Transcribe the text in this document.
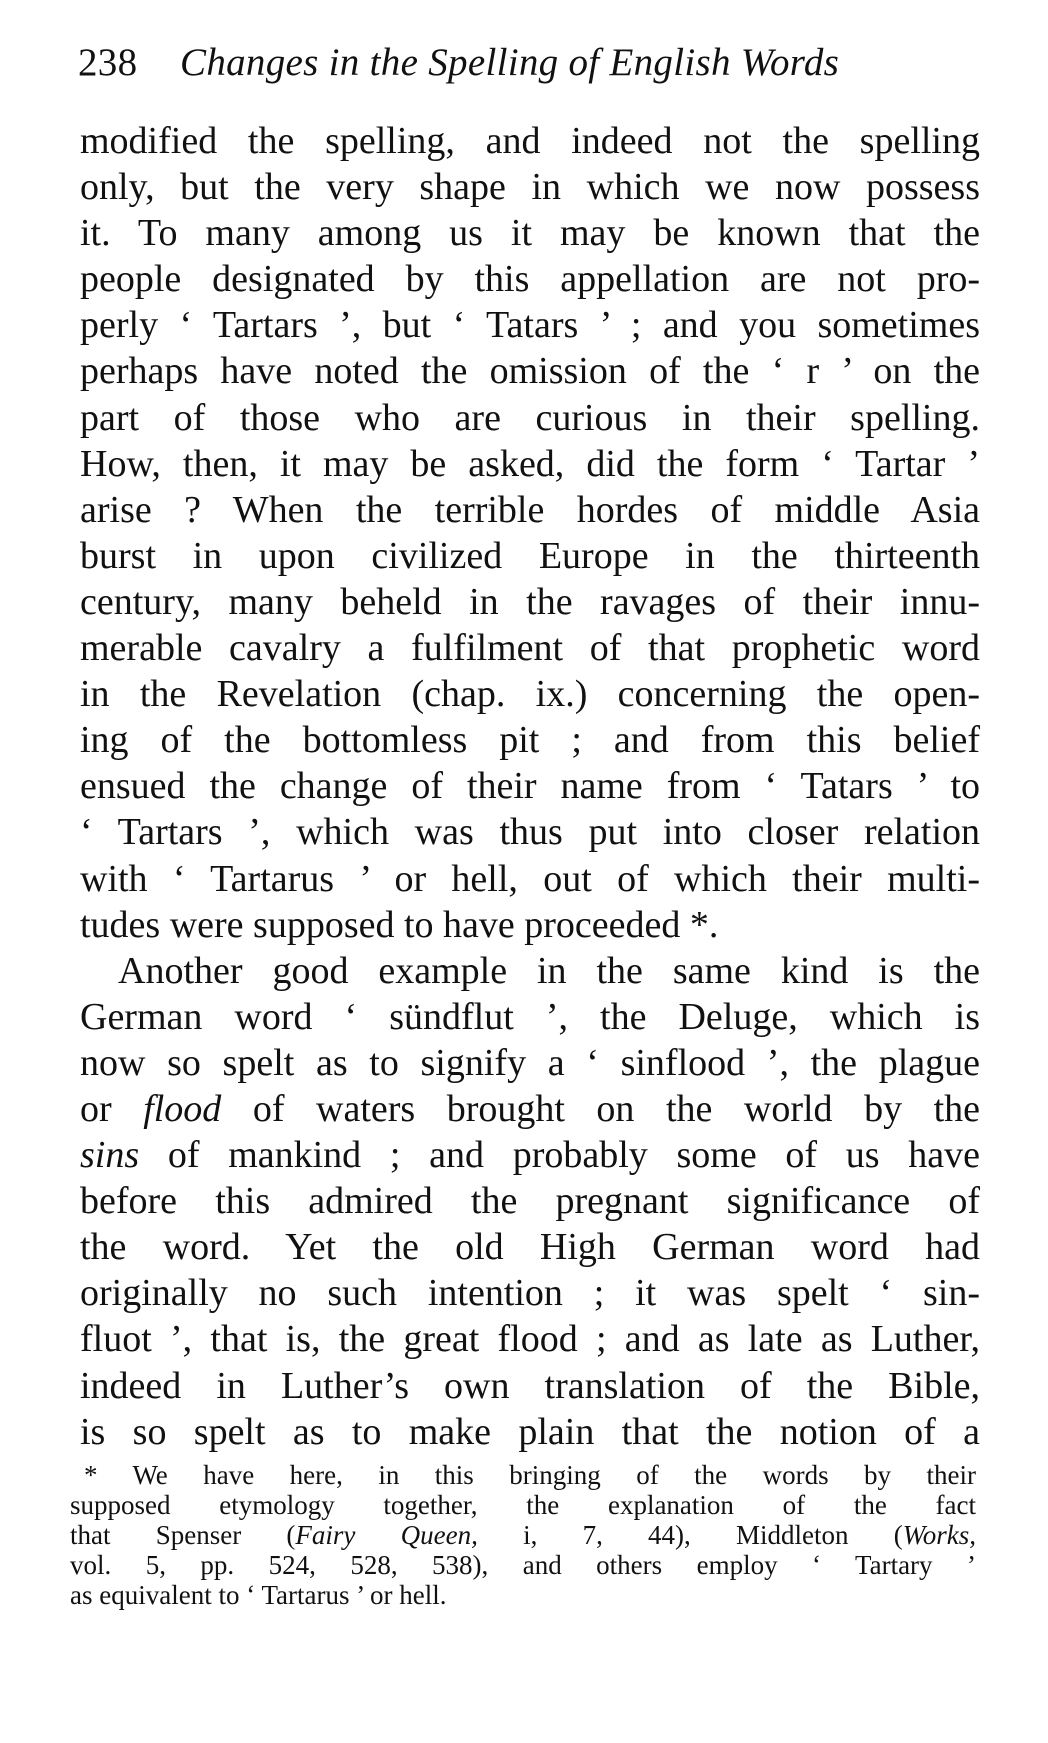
238 Changes in the Spelling of English Words
modified the spelling, and indeed not the spelling
only, but the very shape in which we now possess
it. To many among us it may be known that the
people designated by this appellation are not pro-
perly ‘ Tartars ’, but ‘ Tatars ’ ; and you sometimes
perhaps have noted the omission of the ‘ r ’ on the
part of those who are curious in their spelling.
How, then, it may be asked, did the form ‘ Tartar ’
arise ? When the terrible hordes of middle Asia
burst in upon civilized Europe in the thirteenth
century, many beheld in the ravages of their innu-
merable cavalry a fulfilment of that prophetic word
in the Revelation (chap. ix.) concerning the open-
ing of the bottomless pit ; and from this belief
ensued the change of their name from ‘ Tatars ’ to
‘ Tartars ’, which was thus put into closer relation
with ‘ Tartarus ’ or hell, out of which their multi-
tudes were supposed to have proceeded *.
Another good example in the same kind is the
German word ‘ sündflut ’, the Deluge, which is
now so spelt as to signify a ‘ sinflood ’, the plague
or flood of waters brought on the world by the
sins of mankind ; and probably some of us have
before this admired the pregnant significance of
the word. Yet the old High German word had
originally no such intention ; it was spelt ‘ sin-
fluot ’, that is, the great flood ; and as late as Luther,
indeed in Luther’s own translation of the Bible,
is so spelt as to make plain that the notion of a
* We have here, in this bringing of the words by their
supposed etymology together, the explanation of the fact
that Spenser (Fairy Queen, i, 7, 44), Middleton (Works,
vol. 5, pp. 524, 528, 538), and others employ ‘ Tartary ’
as equivalent to ‘ Tartarus ’ or hell.
